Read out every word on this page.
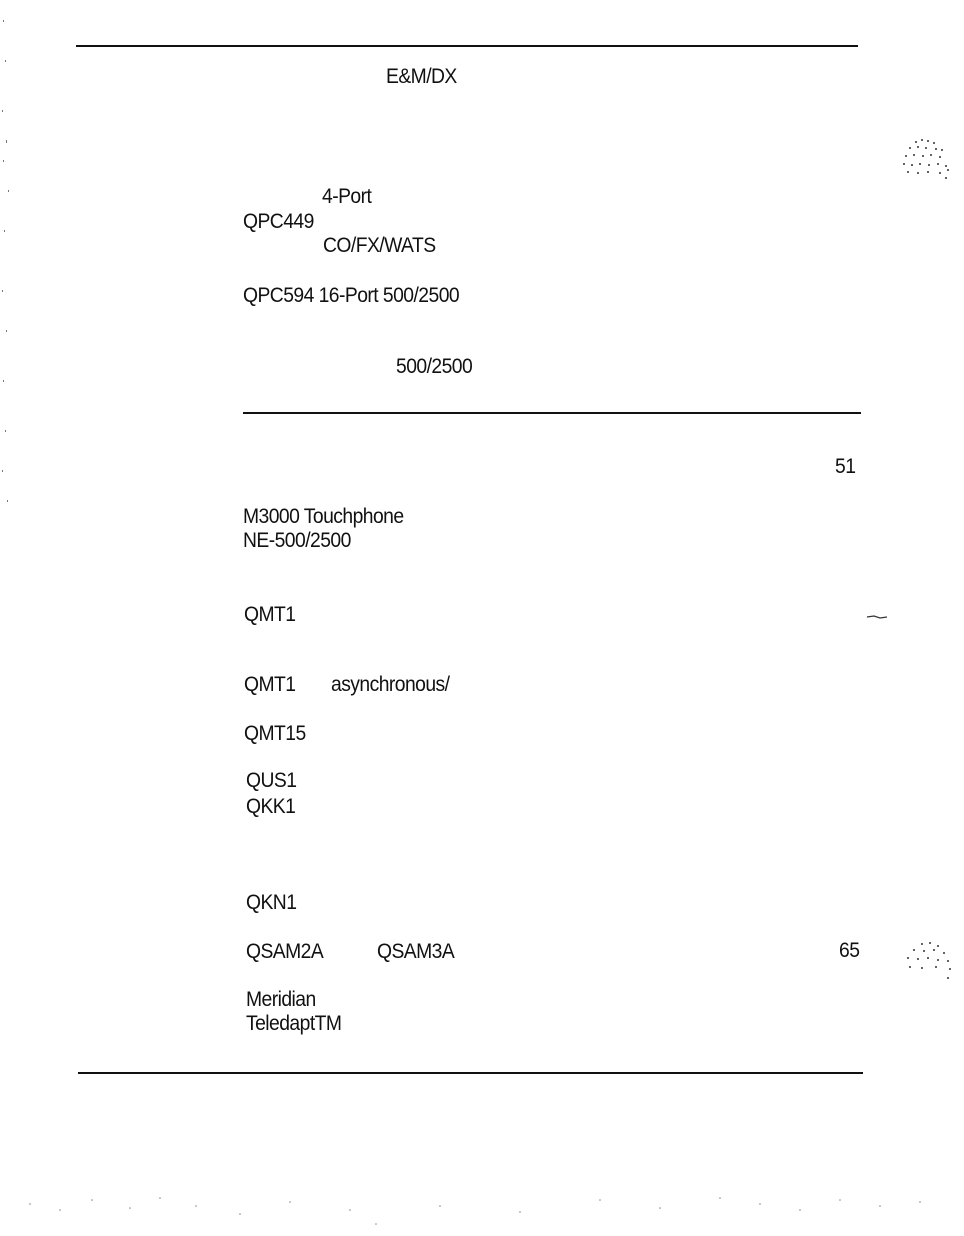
E&M/DX
4-Port
QPC449
CO/FX/WATS
QPC594 16-Port 500/2500
500/2500
51
M3000 Touchphone
NE-500/2500
QMT1
QMT1 asynchronous/
QMT15
QUS1
QKK1
QKN1
QSAM2A	QSAM3A	65
Meridian
TeledaptTM
